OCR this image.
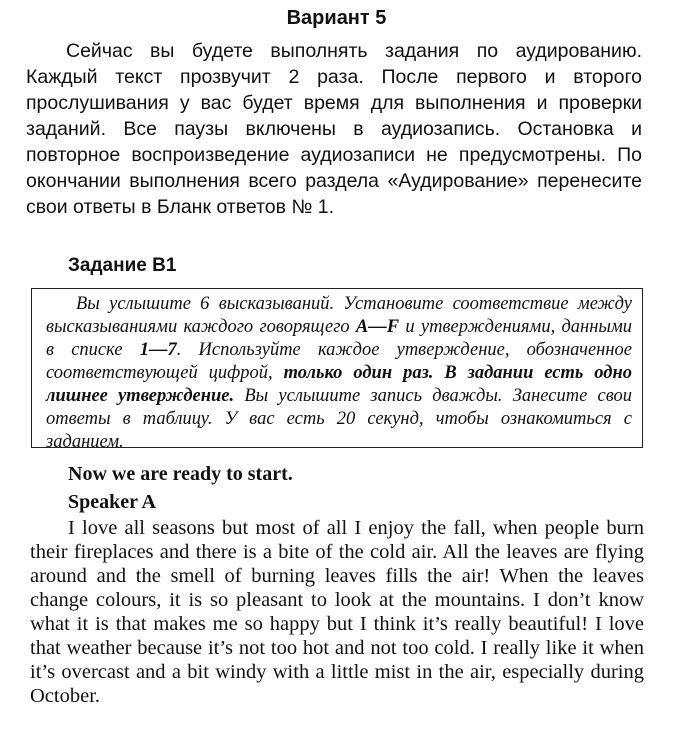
Вариант 5

Сейчас вы будете выполнять задания по аудированию. Каждый текст прозвучит 2 раза. После первого и второго прослушивания у вас будет время для выполнения и проверки заданий. Все паузы включены в аудиозапись. Остановка и повторное воспроизведение аудиозаписи не предусмотрены. По окончании выполнения всего раздела «Аудирование» перенесите свои ответы в Бланк ответов № 1.

Задание B1

Вы услышите 6 высказываний. Установите соответствие между высказываниями каждого говорящего A—F и утверждениями, данными в списке 1—7. Используйте каждое утверждение, обозначенное соответствующей цифрой, только один раз. В задании есть одно лишнее утверждение. Вы услышите запись дважды. Занесите свои ответы в таблицу. У вас есть 20 секунд, чтобы ознакомиться с заданием.

Now we are ready to start.
Speaker A

I love all seasons but most of all I enjoy the fall, when people burn their fireplaces and there is a bite of the cold air. All the leaves are flying around and the smell of burning leaves fills the air! When the leaves change colours, it is so pleasant to look at the mountains. I don’t know what it is that makes me so happy but I think it’s really beautiful! I love that weather because it’s not too hot and not too cold. I really like it when it’s overcast and a bit windy with a little mist in the air, especially during October.
